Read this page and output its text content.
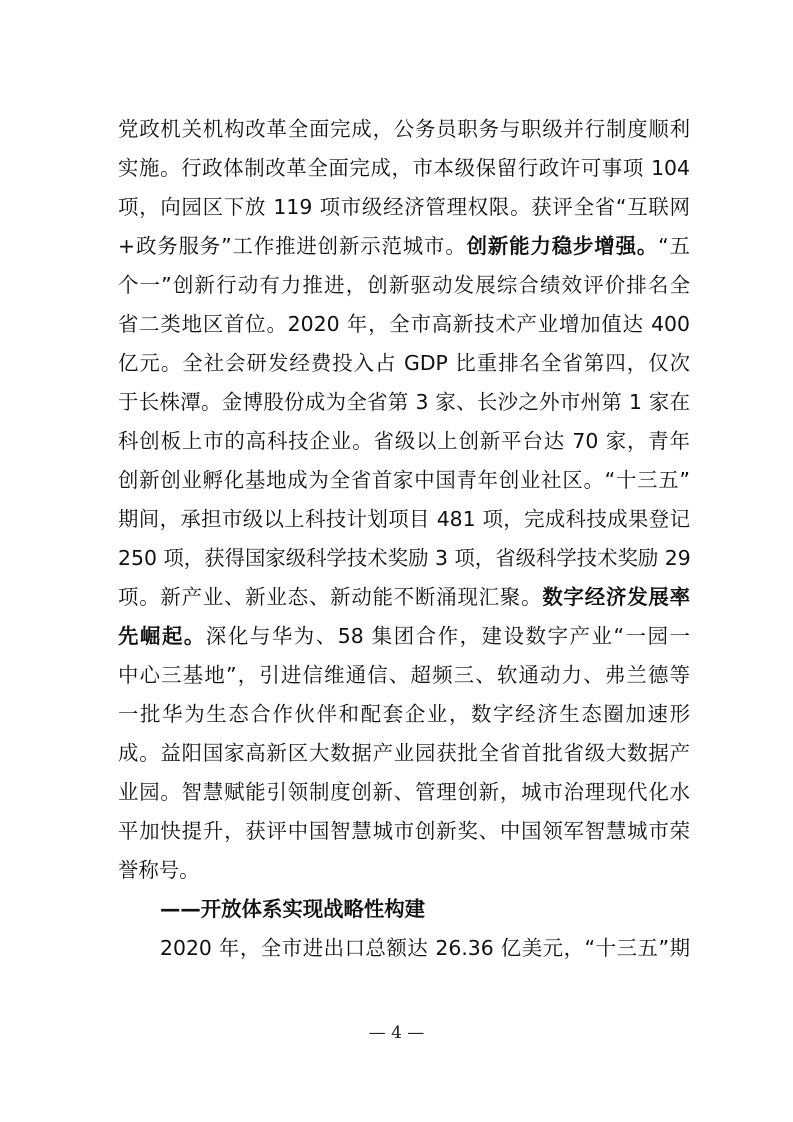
党政机关机构改革全面完成，公务员职务与职级并行制度顺利
实施。行政体制改革全面完成，市本级保留行政许可事项 104
项，向园区下放 119 项市级经济管理权限。获评全省“互联网
+政务服务”工作推进创新示范城市。创新能力稳步增强。“五
个一”创新行动有力推进，创新驱动发展综合绩效评价排名全
省二类地区首位。2020 年，全市高新技术产业增加值达 400
亿元。全社会研发经费投入占 GDP 比重排名全省第四，仅次
于长株潭。金博股份成为全省第 3 家、长沙之外市州第 1 家在
科创板上市的高科技企业。省级以上创新平台达 70 家，青年
创新创业孵化基地成为全省首家中国青年创业社区。“十三五”
期间，承担市级以上科技计划项目 481 项，完成科技成果登记
250 项，获得国家级科学技术奖励 3 项，省级科学技术奖励 29
项。新产业、新业态、新动能不断涌现汇聚。数字经济发展率
先崛起。深化与华为、58 集团合作，建设数字产业“一园一
中心三基地”，引进信维通信、超频三、软通动力、弗兰德等
一批华为生态合作伙伴和配套企业，数字经济生态圈加速形
成。益阳国家高新区大数据产业园获批全省首批省级大数据产
业园。智慧赋能引领制度创新、管理创新，城市治理现代化水
平加快提升，获评中国智慧城市创新奖、中国领军智慧城市荣
誉称号。
——开放体系实现战略性构建
2020 年，全市进出口总额达 26.36 亿美元，“十三五”期
— 4 —
